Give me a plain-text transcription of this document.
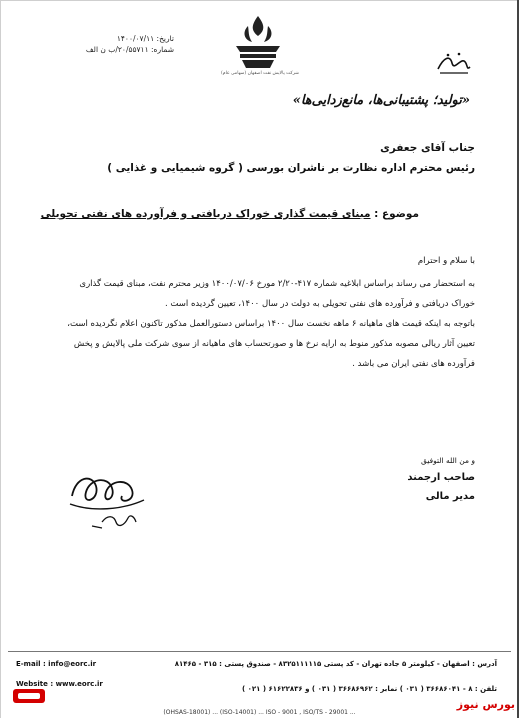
تاریخ: ۱۴۰۰/۰۷/۱۱
شماره: ۲۰/۵۵۷۱۱/ب ن الف
شرکت پالایش نفت اصفهان (سهامی عام)
«تولید؛ پشتیبانی‌ها، مانع‌زدایی‌ها»
جناب آقای جعفری
رئیس محترم اداره نظارت بر ناشران بورسی ( گروه شیمیایی و غذایی )
موضوع : مبنای قیمت گذاری خوراک دریافتی و فرآورده های نفتی تحویلی
با سلام و احترام
به استحضار می رساند براساس ابلاغیه شماره ۴۱۷-۲/۲۰ مورخ ۱۴۰۰/۰۷/۰۶ وزیر محترم نفت، مبنای قیمت گذاری خوراک دریافتی و فرآورده های نفتی تحویلی به دولت در سال ۱۴۰۰، تعیین گردیده است .
باتوجه به اینکه قیمت های ماهیانه ۶ ماهه نخست سال ۱۴۰۰ براساس دستورالعمل مذکور تاکنون اعلام نگردیده است، تعیین آثار ریالی مصوبه مذکور منوط به ارایه نرخ ها و صورتحساب های ماهیانه از سوی شرکت ملی پالایش و پخش فرآورده های نفتی ایران می باشد .
و من الله التوفیق
صاحب ارجمند
مدیر مالی
آدرس : اصفهان - کیلومتر ۵ جاده تهران - کد پستی ۸۳۲۵۱۱۱۱۱۵ - صندوق پستی : ۳۱۵ - ۸۱۴۶۵
E-mail : info@eorc.ir
تلفن : ۸ - ۳۶۶۸۶۰۴۱ ( ۰۳۱ ) نمابر : ۳۶۶۸۶۹۶۲ ( ۰۳۱ ) و ۶۱۶۲۲۸۳۶ ( ۰۲۱ )
Website : www.eorc.ir
(OHSAS-18001) ... (ISO-14001) ... ISO - 9001 , ISO/TS - 29001 ...
بورس نیوز
